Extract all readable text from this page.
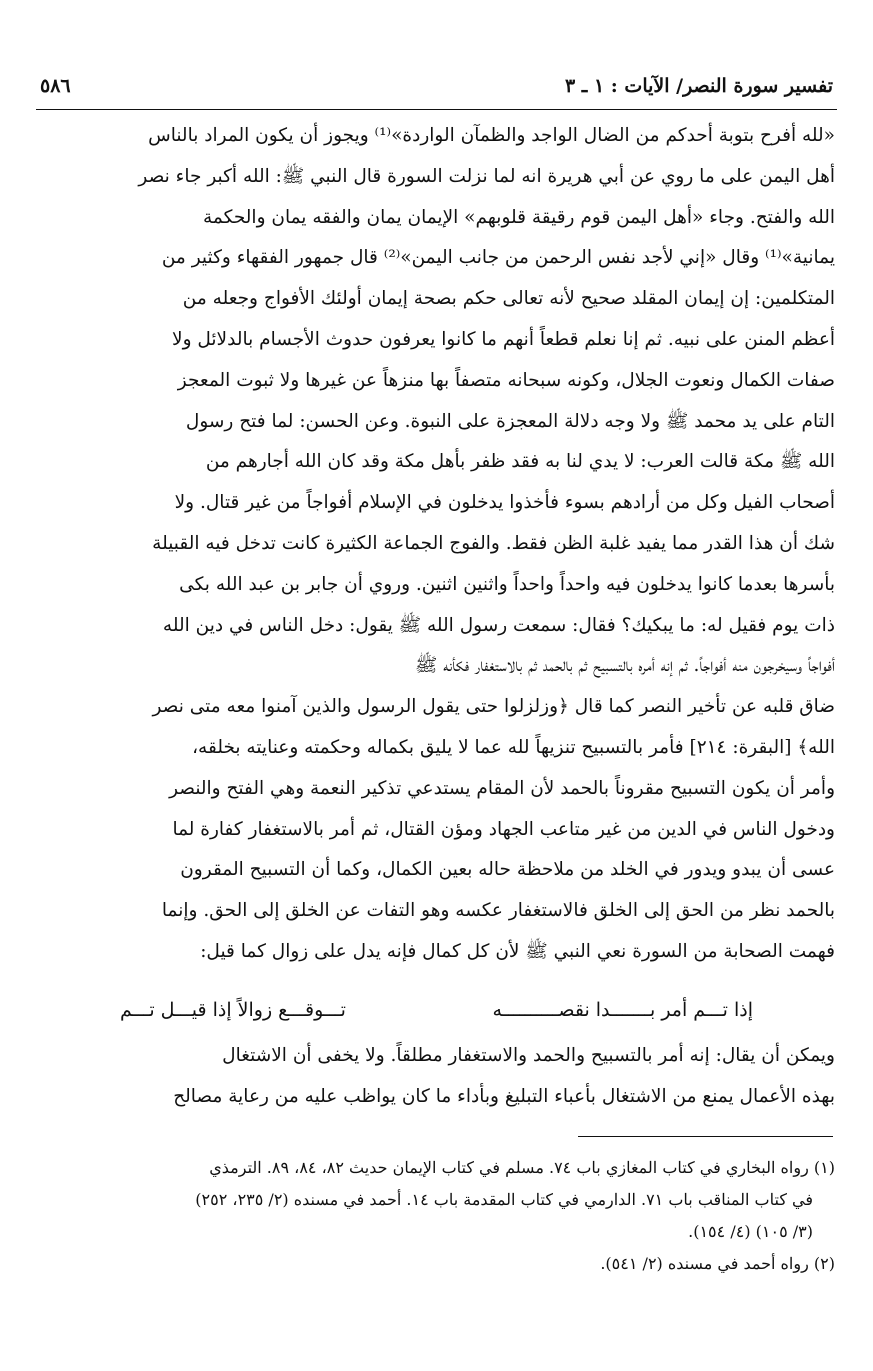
تفسير سورة النصر/ الآيات : ١ ـ ٣
٥٨٦
«لله أفرح بتوبة أحدكم من الضال الواجد والظمآن الواردة»⁽¹⁾ ويجوز أن يكون المراد بالناس
أهل اليمن على ما روي عن أبي هريرة انه لما نزلت السورة قال النبي ﷺ: الله أكبر جاء نصر
الله والفتح. وجاء «أهل اليمن قوم رقيقة قلوبهم» الإيمان يمان والفقه يمان والحكمة
يمانية»⁽¹⁾ وقال «إني لأجد نفس الرحمن من جانب اليمن»⁽²⁾ قال جمهور الفقهاء وكثير من
المتكلمين: إن إيمان المقلد صحيح لأنه تعالى حكم بصحة إيمان أولئك الأفواج وجعله من
أعظم المنن على نبيه. ثم إنا نعلم قطعاً أنهم ما كانوا يعرفون حدوث الأجسام بالدلائل ولا
صفات الكمال ونعوت الجلال، وكونه سبحانه متصفاً بها منزهاً عن غيرها ولا ثبوت المعجز
التام على يد محمد ﷺ ولا وجه دلالة المعجزة على النبوة. وعن الحسن: لما فتح رسول
الله ﷺ مكة قالت العرب: لا يدي لنا به فقد ظفر بأهل مكة وقد كان الله أجارهم من
أصحاب الفيل وكل من أرادهم بسوء فأخذوا يدخلون في الإسلام أفواجاً من غير قتال. ولا
شك أن هذا القدر مما يفيد غلبة الظن فقط. والفوج الجماعة الكثيرة كانت تدخل فيه القبيلة
بأسرها بعدما كانوا يدخلون فيه واحداً واحداً واثنين اثنين. وروي أن جابر بن عبد الله بكى
ذات يوم فقيل له: ما يبكيك؟ فقال: سمعت رسول الله ﷺ يقول: دخل الناس في دين الله
أفواجاً وسيخرجون منه أفواجاً. ثم إنه أمره بالتسبيح ثم بالحمد ثم بالاستغفار فكأنه ﷺ
ضاق قلبه عن تأخير النصر كما قال ﴿وزلزلوا حتى يقول الرسول والذين آمنوا معه متى نصر
الله﴾ [البقرة: ٢١٤] فأمر بالتسبيح تنزيهاً لله عما لا يليق بكماله وحكمته وعنايته بخلقه،
وأمر أن يكون التسبيح مقروناً بالحمد لأن المقام يستدعي تذكير النعمة وهي الفتح والنصر
ودخول الناس في الدين من غير متاعب الجهاد ومؤن القتال، ثم أمر بالاستغفار كفارة لما
عسى أن يبدو ويدور في الخلد من ملاحظة حاله بعين الكمال، وكما أن التسبيح المقرون
بالحمد نظر من الحق إلى الخلق فالاستغفار عكسه وهو التفات عن الخلق إلى الحق. وإنما
فهمت الصحابة من السورة نعي النبي ﷺ لأن كل كمال فإنه يدل على زوال كما قيل:
إذا تـــم أمر بـــــــدا نقصــــــــــه
تـــوقـــع زوالاً إذا قيـــل تـــم
ويمكن أن يقال: إنه أمر بالتسبيح والحمد والاستغفار مطلقاً. ولا يخفى أن الاشتغال
بهذه الأعمال يمنع من الاشتغال بأعباء التبليغ وبأداء ما كان يواظب عليه من رعاية مصالح
(١) رواه البخاري في كتاب المغازي باب ٧٤. مسلم في كتاب الإيمان حديث ٨٢، ٨٤، ٨٩. الترمذي
في كتاب المناقب باب ٧١. الدارمي في كتاب المقدمة باب ١٤. أحمد في مسنده (٢/ ٢٣٥، ٢٥٢)
(٣/ ١٠٥) (٤/ ١٥٤).
(٢) رواه أحمد في مسنده (٢/ ٥٤١).
